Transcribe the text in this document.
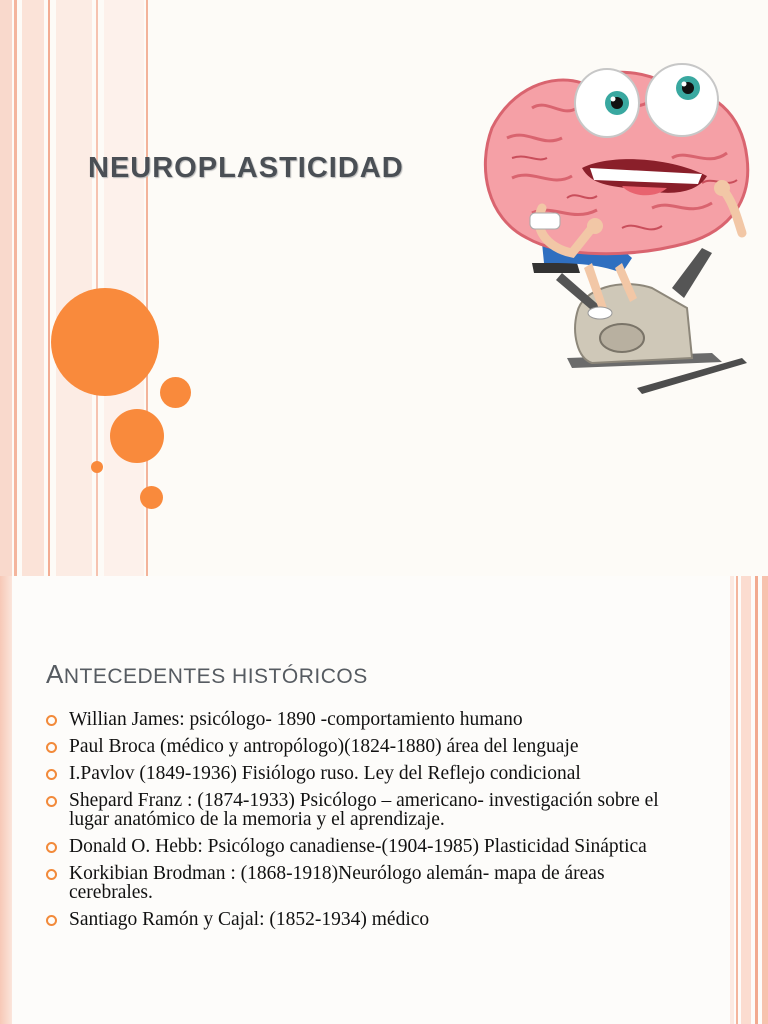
NEUROPLASTICIDAD
ANTECEDENTES HISTÓRICOS
Willian James: psicólogo- 1890 -comportamiento humano
Paul Broca (médico y antropólogo)(1824-1880) área del lenguaje
I.Pavlov (1849-1936) Fisiólogo ruso. Ley del Reflejo condicional
Shepard Franz : (1874-1933) Psicólogo – americano- investigación sobre el lugar anatómico de la memoria y el aprendizaje.
Donald O. Hebb: Psicólogo canadiense-(1904-1985) Plasticidad Sináptica
Korkibian Brodman : (1868-1918)Neurólogo alemán- mapa de áreas cerebrales.
Santiago Ramón y Cajal: (1852-1934) médico
